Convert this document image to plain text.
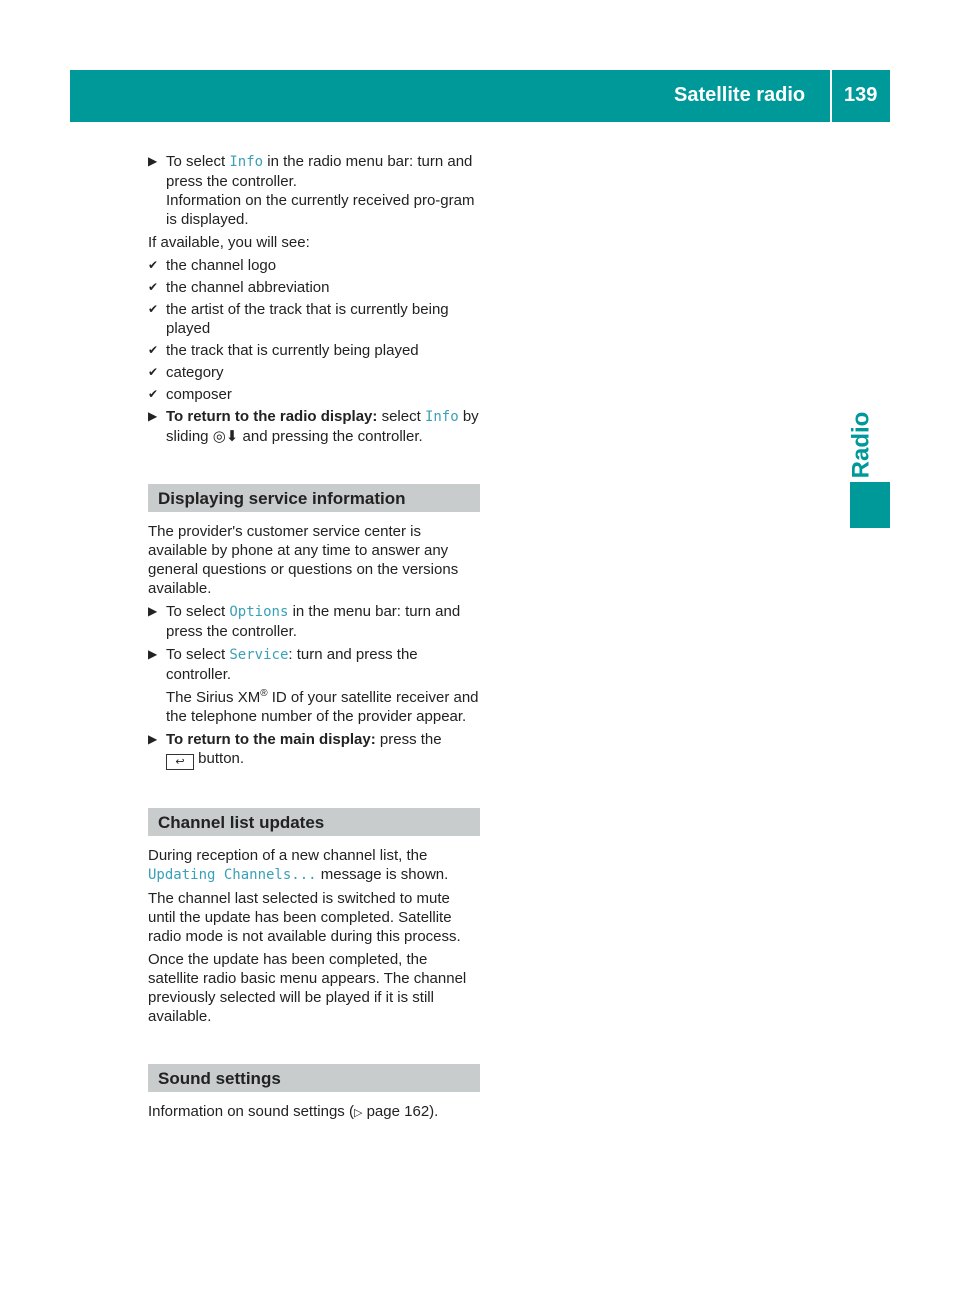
Satellite radio 139
Radio
▶ To select Info in the radio menu bar: turn and press the controller.
Information on the currently received pro-gram is displayed.

If available, you will see:

✔ the channel logo
✔ the channel abbreviation
✔ the artist of the track that is currently being played
✔ the track that is currently being played
✔ category
✔ composer
▶ To return to the radio display: select Info by sliding ◎⬇ and pressing the controller.
Displaying service information

The provider's customer service center is available by phone at any time to answer any general questions or questions on the versions available.

▶ To select Options in the menu bar: turn and press the controller.
▶ To select Service: turn and press the controller.
The Sirius XM® ID of your satellite receiver and the telephone number of the provider appear.
▶ To return to the main display: press the
↩ button.
Channel list updates

During reception of a new channel list, the Updating Channels... message is shown.

The channel last selected is switched to mute until the update has been completed. Satellite radio mode is not available during this process.

Once the update has been completed, the satellite radio basic menu appears. The channel previously selected will be played if it is still available.

Sound settings

Information on sound settings (▷ page 162).
